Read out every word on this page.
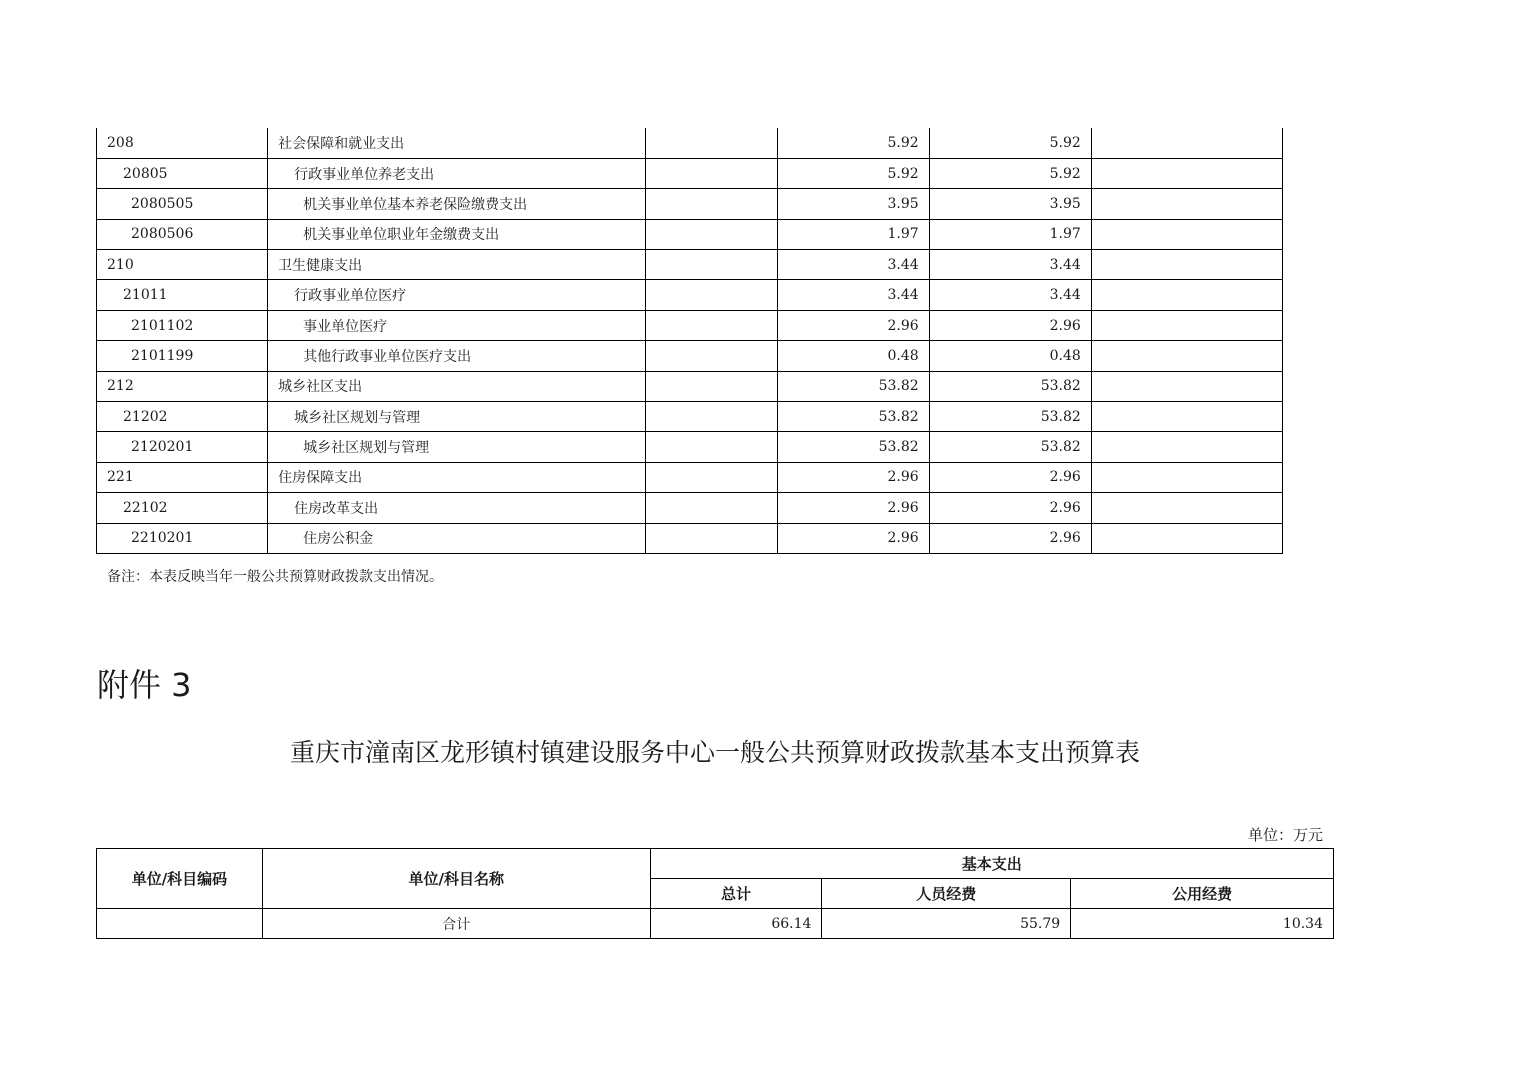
208	社会保障和就业支出		5.92	5.92	
20805	行政事业单位养老支出		5.92	5.92	
2080505	机关事业单位基本养老保险缴费支出		3.95	3.95	
2080506	机关事业单位职业年金缴费支出		1.97	1.97	
210	卫生健康支出		3.44	3.44	
21011	行政事业单位医疗		3.44	3.44	
2101102	事业单位医疗		2.96	2.96	
2101199	其他行政事业单位医疗支出		0.48	0.48	
212	城乡社区支出		53.82	53.82	
21202	城乡社区规划与管理		53.82	53.82	
2120201	城乡社区规划与管理		53.82	53.82	
221	住房保障支出		2.96	2.96	
22102	住房改革支出		2.96	2.96	
2210201	住房公积金		2.96	2.96	
备注：本表反映当年一般公共预算财政拨款支出情况。
附件 3
重庆市潼南区龙形镇村镇建设服务中心一般公共预算财政拨款基本支出预算表
单位：万元
单位/科目编码	单位/科目名称	基本支出		
		总计	人员经费	公用经费
	合计	66.14	55.79	10.34
